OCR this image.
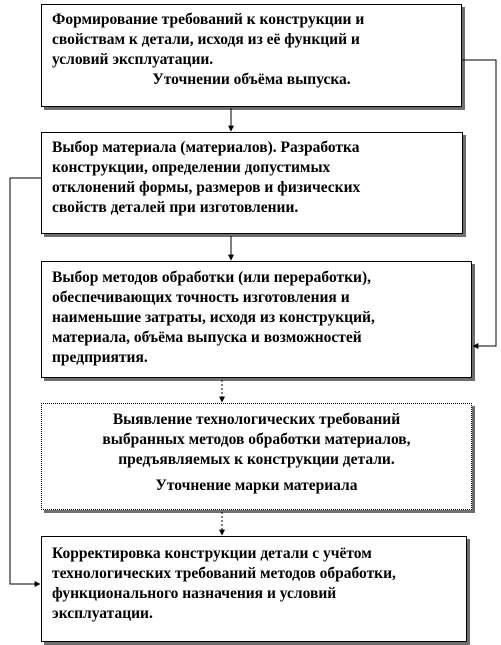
Формирование требований к конструкции и
свойствам к детали, исходя из её функций и
условий эксплуатации.
Уточнении объёма выпуска.
Выбор материала (материалов). Разработка
конструкции, определении допустимых
отклонений формы, размеров и физических
свойств деталей при изготовлении.
Выбор методов обработки (или переработки),
обеспечивающих точность изготовления и
наименьшие затраты, исходя из конструкций,
материала, объёма выпуска и возможностей
предприятия.
Выявление технологических требований
выбранных методов обработки материалов,
предъявляемых к конструкции детали.
Уточнение марки материала
Корректировка конструкции детали с учётом
технологических требований методов обработки,
функционального назначения и условий
эксплуатации.
